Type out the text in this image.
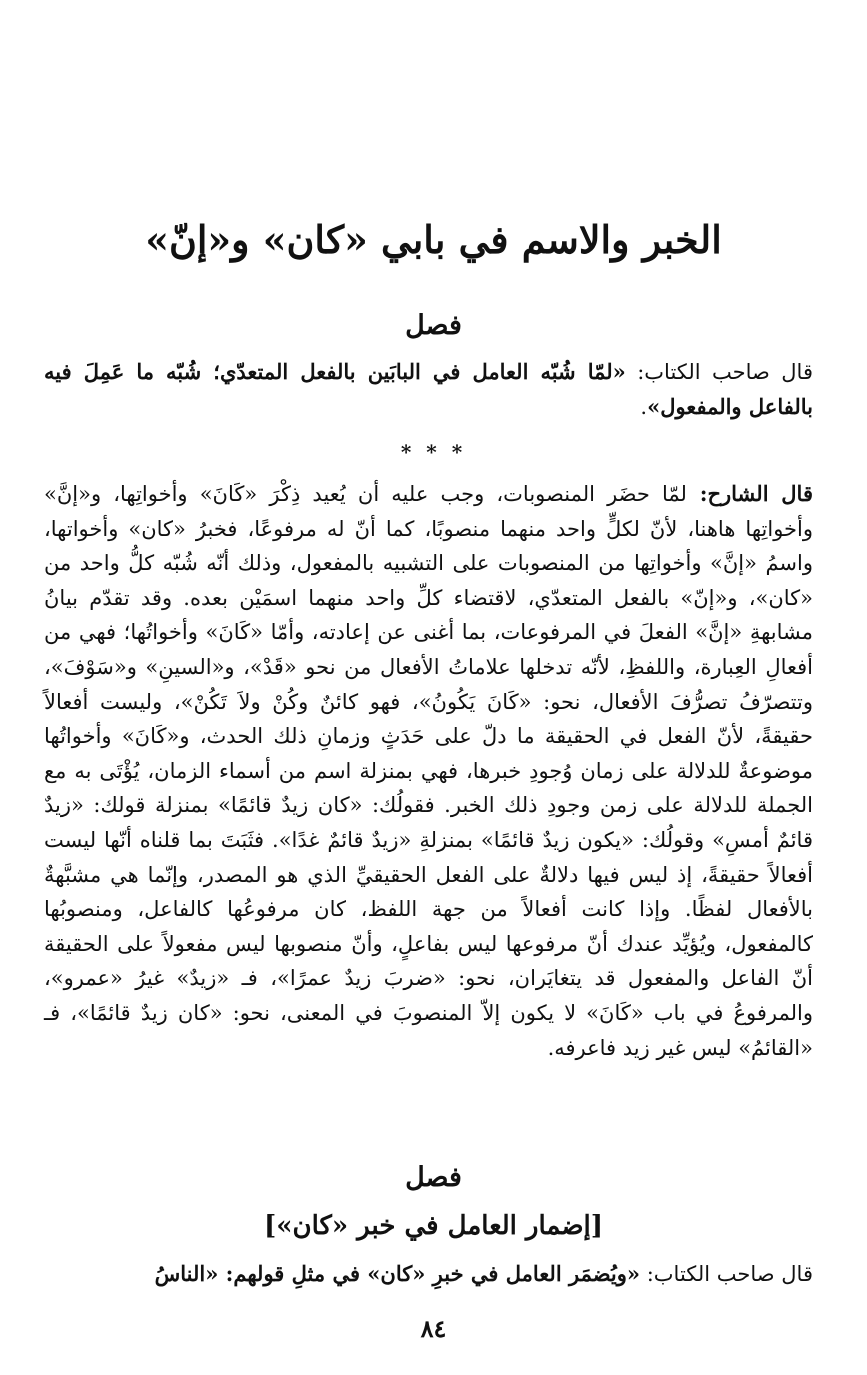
الخبر والاسم في بابي «كان» و«إنّ»
فصل

قال صاحب الكتاب: «لمّا شُبّه العامل في البابَين بالفعل المتعدّي؛ شُبّه ما عَمِلَ فيه بالفاعل والمفعول».

* * *

قال الشارح: لمّا حضَر المنصوبات، وجب عليه أن يُعيد ذِكْرَ «كَانَ» وأخواتِها، و«إنَّ» وأخواتِها هاهنا، لأنّ لكلٍّ واحد منهما منصوبًا، كما أنّ له مرفوعًا، فخبرُ «كان» وأخواتها، واسمُ «إنَّ» وأخواتِها من المنصوبات على التشبيه بالمفعول، وذلك أنّه شُبّه كلُّ واحد من «كان»، و«إنّ» بالفعل المتعدّي، لاقتضاء كلِّ واحد منهما اسمَيْن بعده. وقد تقدّم بيانُ مشابهةِ «إنَّ» الفعلَ في المرفوعات، بما أغنى عن إعادته، وأمّا «كَانَ» وأخواتُها؛ فهي من أفعالِ العِبارة، واللفظِ، لأنّه تدخلها علاماتُ الأفعال من نحو «قَدْ»، و«السينِ» و«سَوْفَ»، وتتصرّفُ تصرُّفَ الأفعال، نحو: «كَانَ يَكُونُ»، فهو كائنٌ وكُنْ ولاَ تَكُنْ»، وليست أفعالاً حقيقةً، لأنّ الفعل في الحقيقة ما دلّ على حَدَثٍ وزمانِ ذلك الحدث، و«كَانَ» وأخواتُها موضوعةٌ للدلالة على زمان وُجودِ خبرها، فهي بمنزلة اسم من أسماء الزمان، يُؤْتَى به مع الجملة للدلالة على زمن وجودِ ذلك الخبر. فقولُك: «كان زيدٌ قائمًا» بمنزلة قولك: «زيدٌ قائمٌ أمسِ» وقولُك: «يكون زيدٌ قائمًا» بمنزلةِ «زيدٌ قائمٌ غدًا». فثَبَتَ بما قلناه أنّها ليست أفعالاً حقيقةً، إذ ليس فيها دلالةٌ على الفعل الحقيقيِّ الذي هو المصدر، وإنّما هي مشبَّهةٌ بالأفعال لفظًا. وإذا كانت أفعالاً من جهة اللفظ، كان مرفوعُها كالفاعل، ومنصوبُها كالمفعول، ويُؤيِّد عندك أنّ مرفوعها ليس بفاعلٍ، وأنّ منصوبها ليس مفعولاً على الحقيقة أنّ الفاعل والمفعول قد يتغايَران، نحو: «ضربَ زيدٌ عمرًا»، فـ «زيدٌ» غيرُ «عمرو»، والمرفوعُ في باب «كَانَ» لا يكون إلاّ المنصوبَ في المعنى، نحو: «كان زيدٌ قائمًا»، فـ «القائمُ» ليس غير زيد فاعرفه.

فصل
[إضمار العامل في خبر «كان»]

قال صاحب الكتاب: «ويُضمَر العامل في خبرِ «كان» في مثلِ قولهم: «الناسُ

٨٤
